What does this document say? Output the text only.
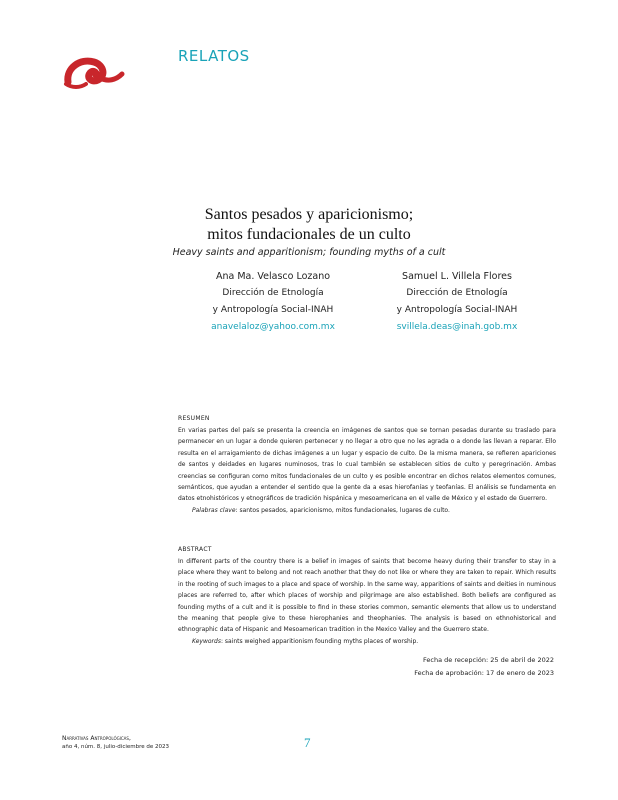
RELATOS
Santos pesados y aparicionismo;
mitos fundacionales de un culto
Heavy saints and apparitionism; founding myths of a cult
Ana Ma. Velasco Lozano
Dirección de Etnología
y Antropología Social-INAH
anavelaloz@yahoo.com.mx
Samuel L. Villela Flores
Dirección de Etnología
y Antropología Social-INAH
svillela.deas@inah.gob.mx
RESUMEN
En varias partes del país se presenta la creencia en imágenes de santos que se tornan pesadas durante su traslado para permanecer en un lugar a donde quieren pertenecer y no llegar a otro que no les agrada o a donde las llevan a reparar. Ello resulta en el arraigamiento de dichas imágenes a un lugar y espacio de culto. De la misma manera, se refieren apariciones de santos y deidades en lugares numinosos, tras lo cual también se establecen sitios de culto y peregrinación. Ambas creencias se configuran como mitos fundacionales de un culto y es posible encontrar en dichos relatos elementos comunes, semánticos, que ayudan a entender el sentido que la gente da a esas hierofanías y teofanías. El análisis se fundamenta en datos etnohistóricos y etnográficos de tradición hispánica y mesoamericana en el valle de México y el estado de Guerrero.
Palabras clave: santos pesados, aparicionismo, mitos fundacionales, lugares de culto.
ABSTRACT
In different parts of the country there is a belief in images of saints that become heavy during their transfer to stay in a place where they want to belong and not reach another that they do not like or where they are taken to repair. Which results in the rooting of such images to a place and space of worship. In the same way, apparitions of saints and deities in numinous places are referred to, after which places of worship and pilgrimage are also established. Both beliefs are configured as founding myths of a cult and it is possible to find in these stories common, semantic elements that allow us to understand the meaning that people give to these hierophanies and theophanies. The analysis is based on ethnohistorical and ethnographic data of Hispanic and Mesoamerican tradition in the Mexico Valley and the Guerrero state.
Keywords: saints weighed apparitionism founding myths places of worship.
Fecha de recepción: 25 de abril de 2022
Fecha de aprobación: 17 de enero de 2023
Narrativas Antropológicas,
año 4, núm. 8, julio-diciembre de 2023	7
